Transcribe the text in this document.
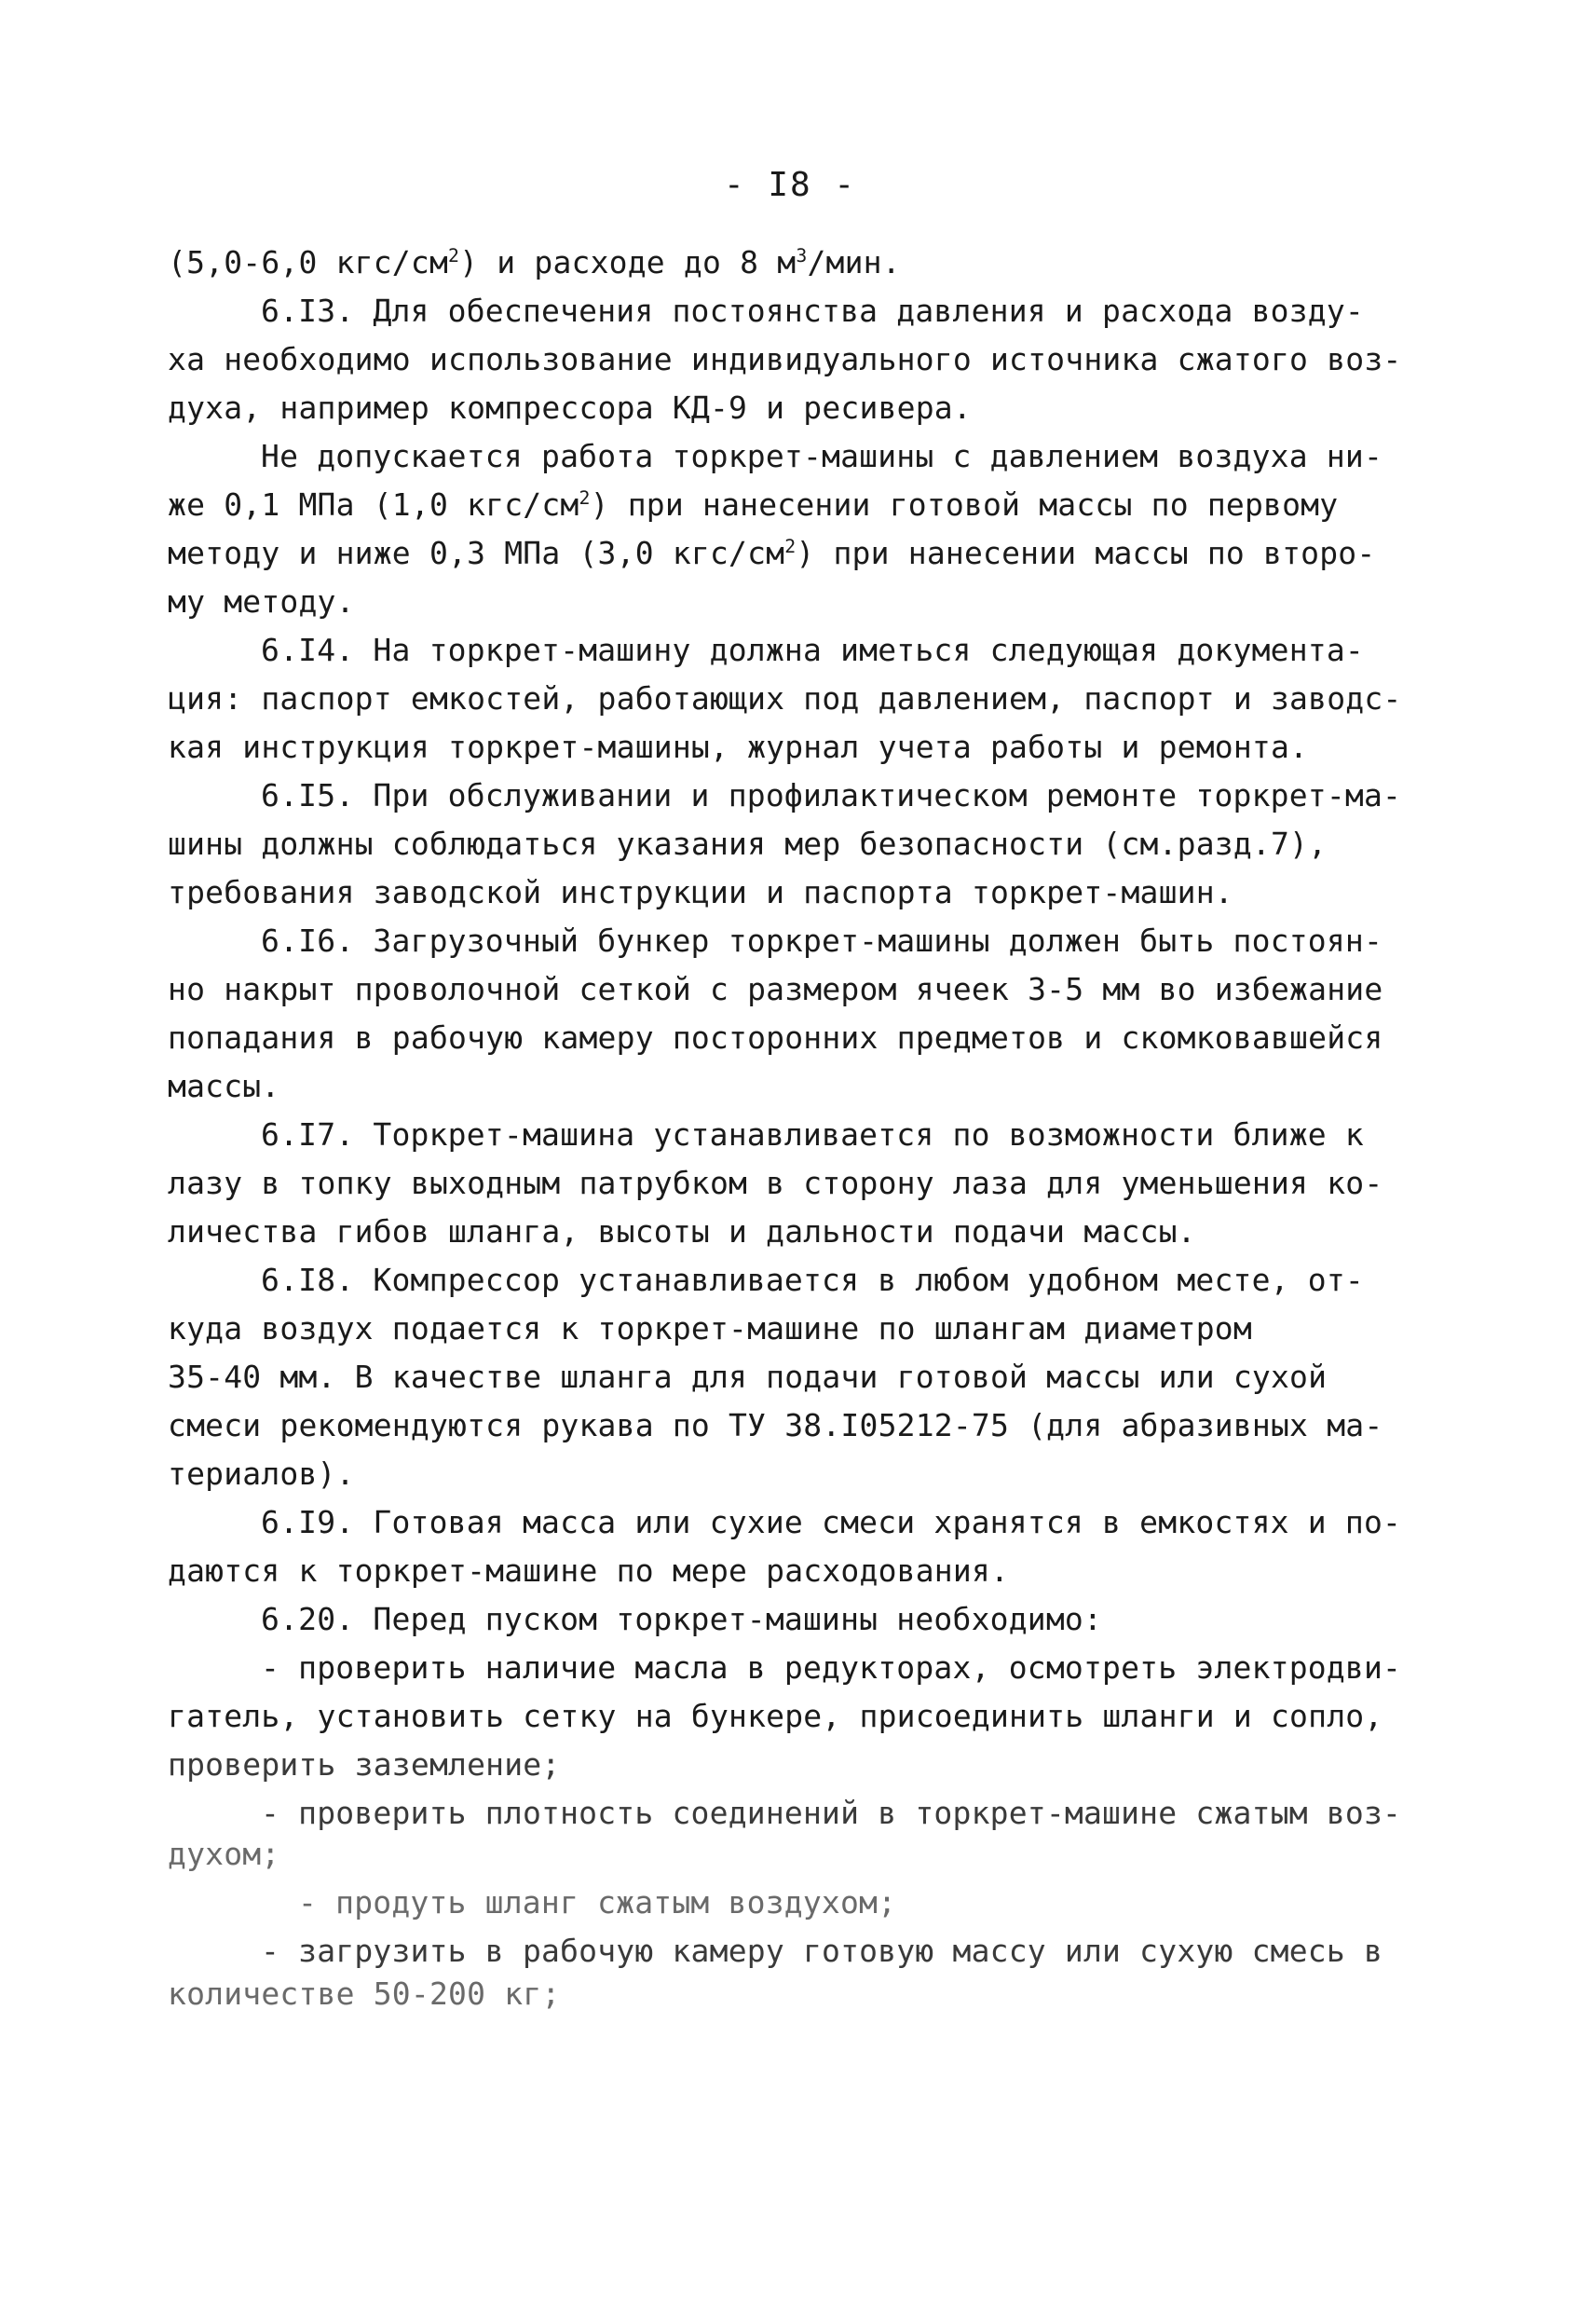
- I8 -
(5,0-6,0 кгс/$см^2$) и расходе до 8 $м^3$/мин.
6.I3. Для обеспечения постоянства давления и расхода возду-
ха необходимо использование индивидуального источника сжатого воз-
духа, например компрессора КД-9 и ресивера.
Не допускается работа торкрет-машины с давлением воздуха ни-
же 0,1 МПа (1,0 кгс/$см^2$) при нанесении готовой массы по первому
методу и ниже 0,3 МПа (3,0 кгс/$см^2$) при нанесении массы по второ-
му методу.
6.I4. На торкрет-машину должна иметься следующая документа-
ция: паспорт емкостей, работающих под давлением, паспорт и заводс-
кая инструкция торкрет-машины, журнал учета работы и ремонта.
6.I5. При обслуживании и профилактическом ремонте торкрет-ма-
шины должны соблюдаться указания мер безопасности (см.разд.7),
требования заводской инструкции и паспорта торкрет-машин.
6.I6. Загрузочный бункер торкрет-машины должен быть постоян-
но накрыт проволочной сеткой с размером ячеек 3-5 мм во избежание
попадания в рабочую камеру посторонних предметов и скомковавшейся
массы.
6.I7. Торкрет-машина устанавливается по возможности ближе к
лазу в топку выходным патрубком в сторону лаза для уменьшения ко-
личества гибов шланга, высоты и дальности подачи массы.
6.I8. Компрессор устанавливается в любом удобном месте, от-
куда воздух подается к торкрет-машине по шлангам диаметром
35-40 мм. В качестве шланга для подачи готовой массы или сухой
смеси рекомендуются рукава по ТУ 38.I05212-75 (для абразивных ма-
териалов).
6.I9. Готовая масса или сухие смеси хранятся в емкостях и по-
даются к торкрет-машине по мере расходования.
6.20. Перед пуском торкрет-машины необходимо:
- проверить наличие масла в редукторах, осмотреть электродви-
гатель, установить сетку на бункере, присоединить шланги и сопло,
проверить заземление;
- проверить плотность соединений в торкрет-машине сжатым воз-
духом;
- продуть шланг сжатым воздухом;
- загрузить в рабочую камеру готовую массу или сухую смесь в
количестве 50-200 кг;
